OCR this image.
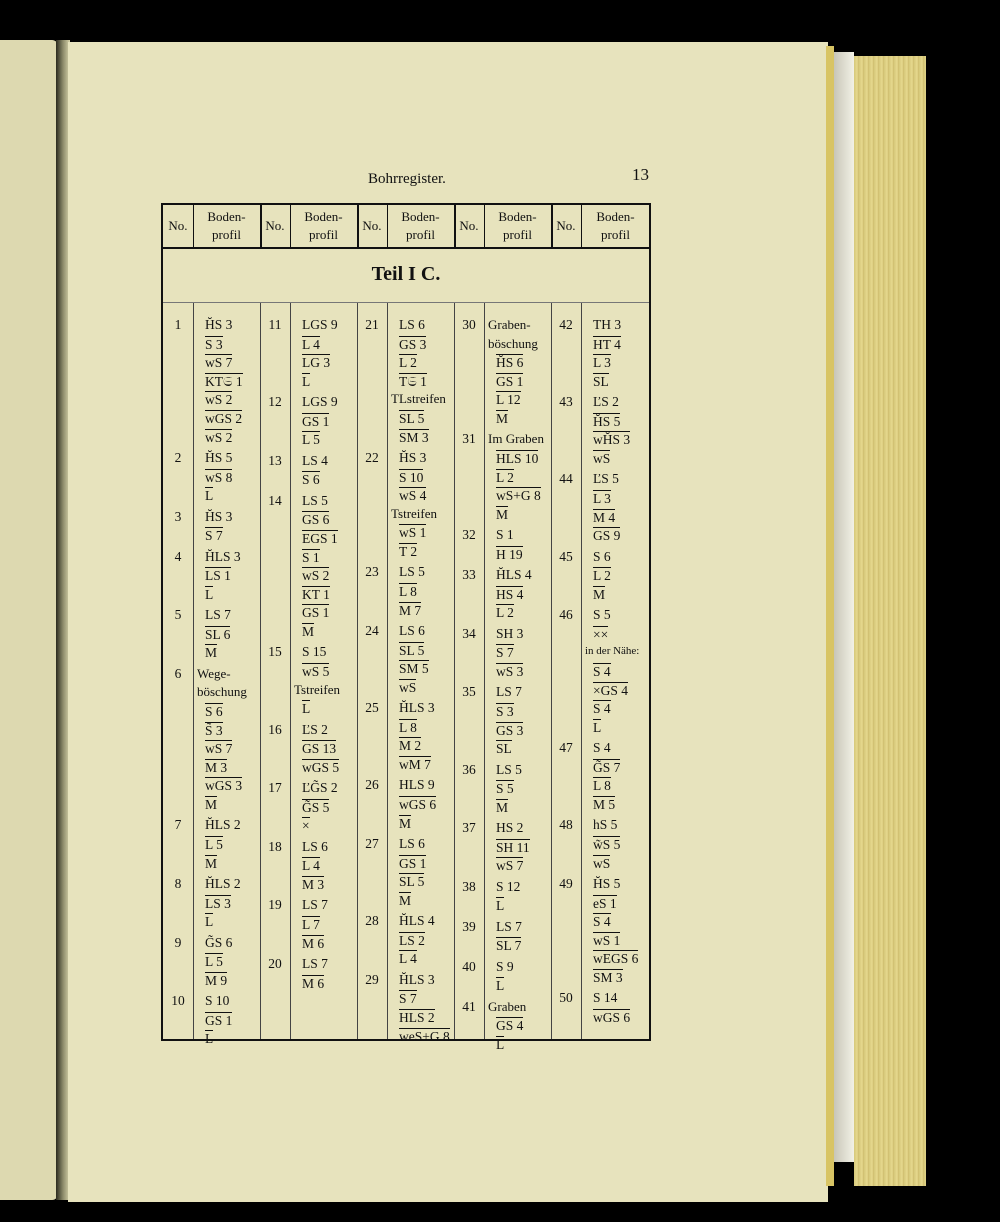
Bohrregister.	13
Teil I C.
No.
Boden-
profil
No.
Boden-
profil
No.
Boden-
profil
No.
Boden-
profil
No.
Boden-
profil
1	H̆S 3
S 3
wS 7
KT𝔖 1
wS 2
wGS 2
wS 2
2	H̆S 5
wS 8
L
3	H̆S 3
S 7
4	H̆LS 3
LS 1
L
5	LS 7
SL 6
M
6	Wege-
böschung
S 6
S̃ 3
wS 7
M 3
wGS 3
M
7	H̆LS 2
L 5
M
8	H̆LS 2
LS 3
L
9	G̃S 6
L 5
M 9
10	S 10
GS 1
L
11	LGS 9
L 4
LG 3
L
12	LGS 9
GS 1
L 5
13	LS 4
S 6
14	LS 5
GS 6
EGS 1
S 1
wS 2
KT 1
GS 1
M
15	S 15
wS 5
Tstreifen
L
16	ĽS 2
GS 13
wGS 5
17	ĽG̃S 2
G̃S 5
×
18	LS 6
L 4
M 3
19	LS 7
L 7
M 6
20	LS 7
M 6
21	LS 6
GS 3
L 2
T𝔖 1
TLstreifen
SL 5
SM 3
22	H̆S 3
S 10
wS 4
Tstreifen
wS 1
T 2
23	LS 5
L 8
M 7
24	LS 6
SL 5
SM 5
wS
25	H̆LS 3
L 8
M 2
wM 7
26	HLS 9
wGS 6
M
27	LS 6
GS 1
SL 5
M
28	H̆LS 4
LS 2
L 4
29	H̆LS 3
S 7
HLS 2
weS+G 8
30 Graben-
böschung
H̆S 6
GS 1
L 12
M
31 Im Graben
HLS 10
L 2
wS+G 8
M
32	S 1
H 19
33	H̆LS 4
HS 4
L 2
34	SH 3
S 7
wS 3
35	LS 7
S 3
GS 3
SL
36	LS 5
S 5
M
37	HS 2
SH 11
wS 7
38	S 12
L
39	LS 7
SL 7
40	S 9
L
41 Graben
GS 4
L
42	TH 3
HT 4
L 3
SL
43	ĽS 2
H̆S 5
wH̆S 3
wS
44	ĽS 5
L 3
M 4
GS 9
45	S 6
L 2
M
46	S 5
××
in der Nähe:
S 4
×GS 4
S 4
L
47	S 4
G̃S 7
L 8
M 5
48	hS 5
w̃S 5
wS
49	H̆S 5
eS 1
S 4
wS 1
wEGS 6
SM 3
50	S 14
wGS 6
